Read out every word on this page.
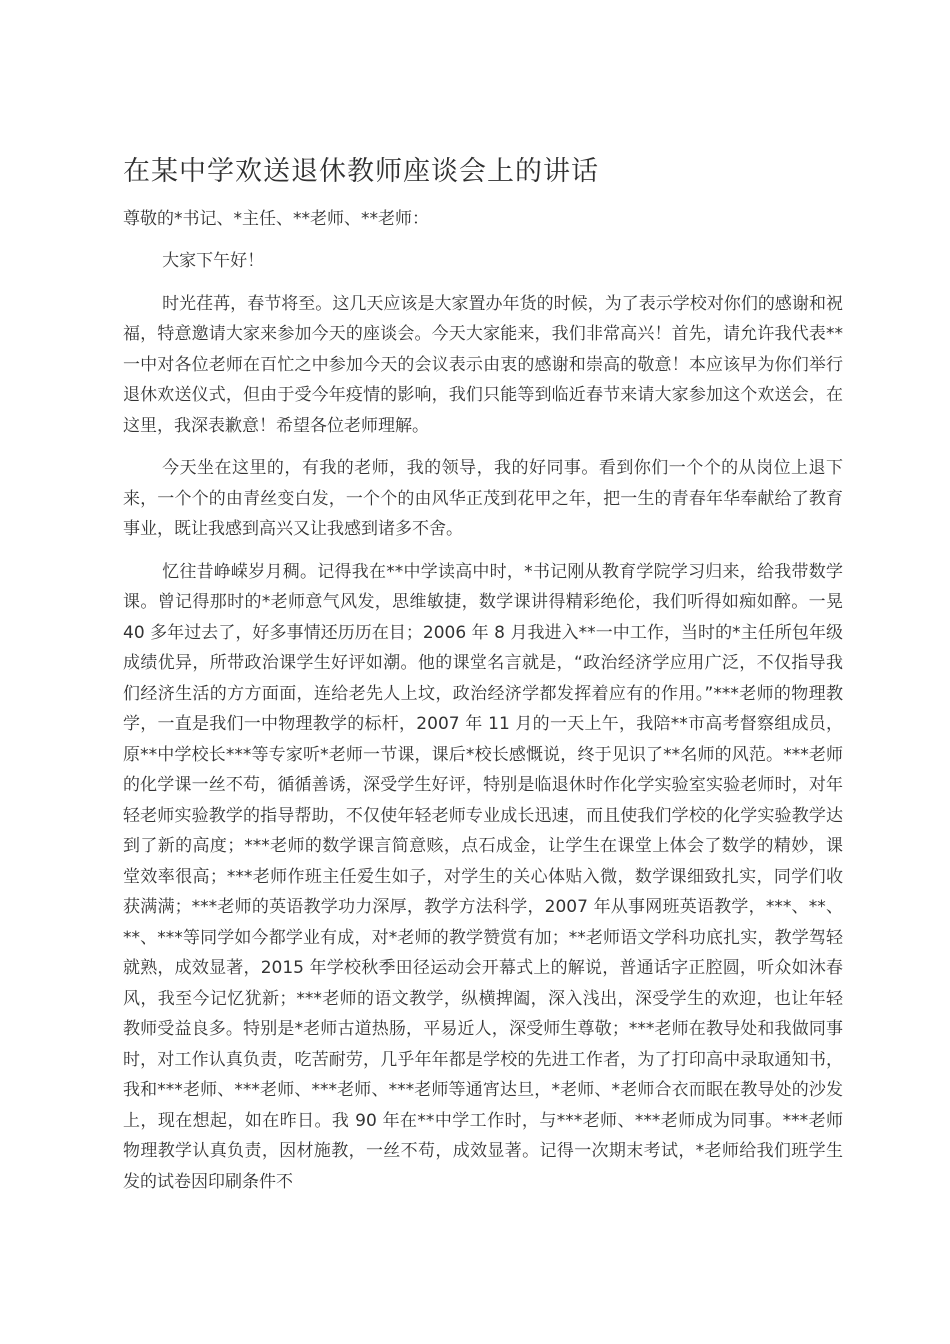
在某中学欢送退休教师座谈会上的讲话

尊敬的*书记、*主任、**老师、**老师：

大家下午好！

时光荏苒，春节将至。这几天应该是大家置办年货的时候，为了表示学校对你们的感谢和祝福，特意邀请大家来参加今天的座谈会。今天大家能来，我们非常高兴！首先，请允许我代表**一中对各位老师在百忙之中参加今天的会议表示由衷的感谢和崇高的敬意！本应该早为你们举行退休欢送仪式，但由于受今年疫情的影响，我们只能等到临近春节来请大家参加这个欢送会，在这里，我深表歉意！希望各位老师理解。

今天坐在这里的，有我的老师，我的领导，我的好同事。看到你们一个个的从岗位上退下来，一个个的由青丝变白发，一个个的由风华正茂到花甲之年，把一生的青春年华奉献给了教育事业，既让我感到高兴又让我感到诸多不舍。

忆往昔峥嵘岁月稠。记得我在**中学读高中时，*书记刚从教育学院学习归来，给我带数学课。曾记得那时的*老师意气风发，思维敏捷，数学课讲得精彩绝伦，我们听得如痴如醉。一晃 40 多年过去了，好多事情还历历在目；2006 年 8 月我进入**一中工作，当时的*主任所包年级成绩优异，所带政治课学生好评如潮。他的课堂名言就是，“政治经济学应用广泛，不仅指导我们经济生活的方方面面，连给老先人上坟，政治经济学都发挥着应有的作用。”***老师的物理教学，一直是我们一中物理教学的标杆，2007 年 11 月的一天上午，我陪**市高考督察组成员，原**中学校长***等专家听*老师一节课，课后*校长感慨说，终于见识了**名师的风范。***老师的化学课一丝不苟，循循善诱，深受学生好评，特别是临退休时作化学实验室实验老师时，对年轻老师实验教学的指导帮助，不仅使年轻老师专业成长迅速，而且使我们学校的化学实验教学达到了新的高度；***老师的数学课言简意赅，点石成金，让学生在课堂上体会了数学的精妙，课堂效率很高；***老师作班主任爱生如子，对学生的关心体贴入微，数学课细致扎实，同学们收获满满；***老师的英语教学功力深厚，教学方法科学，2007 年从事网班英语教学，***、**、**、***等同学如今都学业有成，对*老师的教学赞赏有加；**老师语文学科功底扎实，教学驾轻就熟，成效显著，2015 年学校秋季田径运动会开幕式上的解说，普通话字正腔圆，听众如沐春风，我至今记忆犹新；***老师的语文教学，纵横捭阖，深入浅出，深受学生的欢迎，也让年轻教师受益良多。特别是*老师古道热肠，平易近人，深受师生尊敬；***老师在教导处和我做同事时，对工作认真负责，吃苦耐劳，几乎年年都是学校的先进工作者，为了打印高中录取通知书，我和***老师、***老师、***老师、***老师等通宵达旦，*老师、*老师合衣而眠在教导处的沙发上，现在想起，如在昨日。我 90 年在**中学工作时，与***老师、***老师成为同事。***老师物理教学认真负责，因材施教，一丝不苟，成效显著。记得一次期末考试，*老师给我们班学生发的试卷因印刷条件不
